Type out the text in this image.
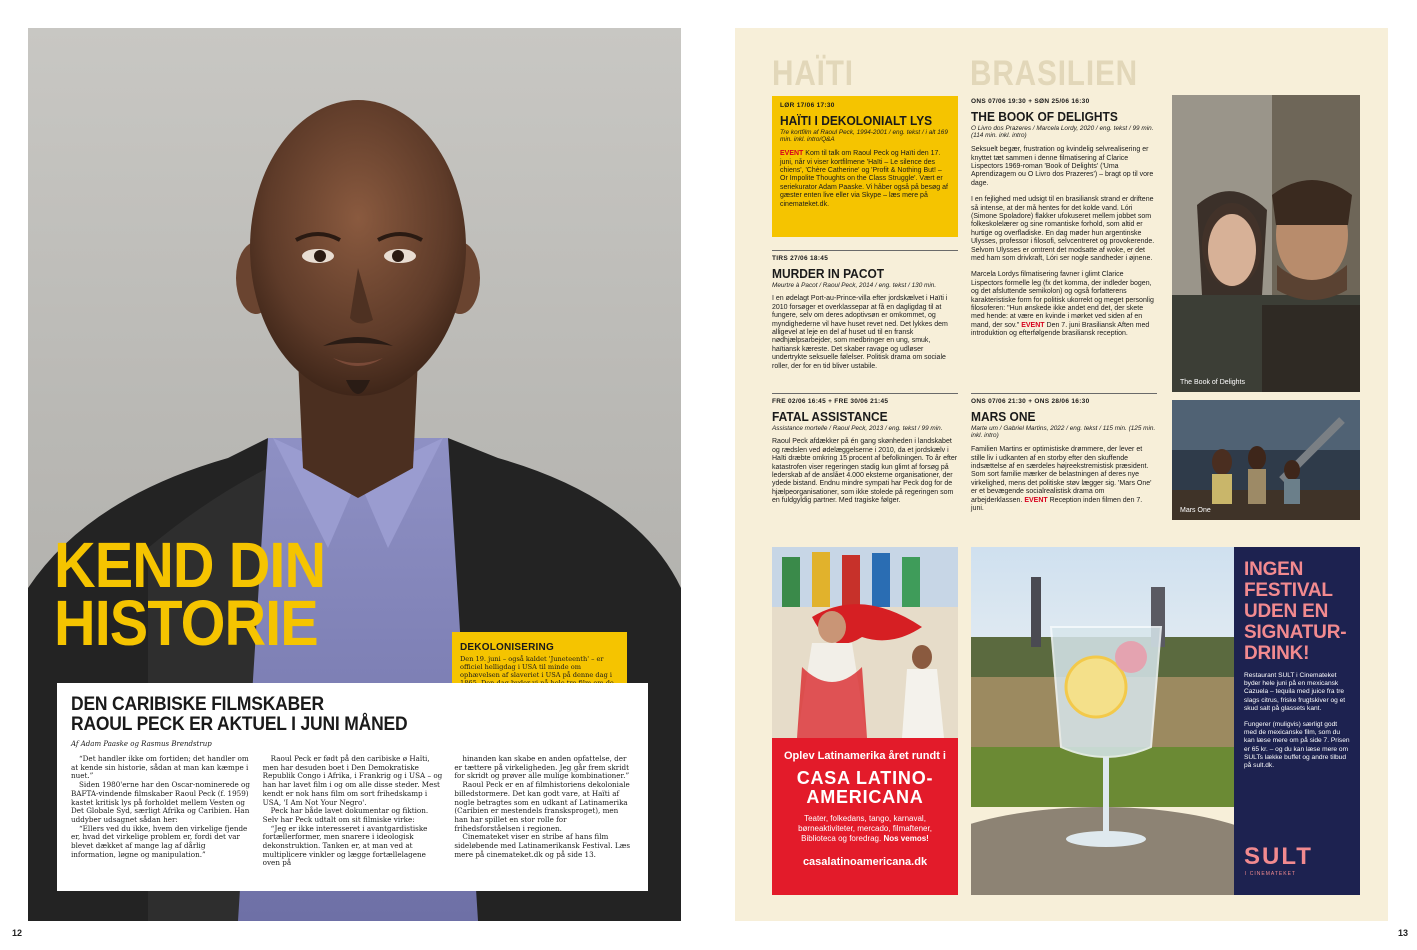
KEND DIN
HISTORIE	DEKOLONISERING
Den 19. juni – også kaldet 'Juneteenth' – er officiel helligdag i USA til minde om ophævelsen af slaveriet i USA på denne dag i
DEN CARIBISKE FILMSKABER
RAOUL PECK ER AKTUEL I JUNI MÅNED
Af Adam Paaske og Rasmus Brendstrup

“Det handler ikke om fortiden; det handler om at kende sin historie, sådan at man kan kæmpe i nuet.”

Siden 1980'erne har den Oscar-nominerede og BAFTA-vindende filmskaber Raoul Peck (f. 1959) kastet kritisk lys på forholdet mellem Vesten og Det Globale Syd, særligt Afrika og Caribien. Han uddyber udsagnet sådan her:

“Ellers ved du ikke, hvem den virkelige fjende er, hvad det virkelige problem er, fordi det var blevet dækket af mange lag af dårlig information, løgne og manipulation.”

Raoul Peck er født på den caribiske ø Haïti, men har desuden boet i Den Demokratiske Republik Congo i Afrika, i Frankrig og i USA – og han har lavet film i og om alle disse steder. Mest kendt er nok hans film om sort frihedskamp i USA, 'I Am Not Your Negro'.

Peck har både lavet dokumentar og fiktion. Selv har Peck udtalt om sit filmiske virke:

“Jeg er ikke interesseret i avantgardistiske fortællerformer, men snarere i ideologisk dekonstruktion. Tanken er, at man ved at multiplicere vinkler og lægge fortællelagene oven på

hinanden kan skabe en anden opfattelse, der er tættere på virkeligheden. Jeg går frem skridt for skridt og prøver alle mulige kombinationer.”

Raoul Peck er en af filmhistoriens dekoloniale billedstormere. Det kan godt vare, at Haïti af nogle betragtes som en udkant af Latinamerika (Caribien er mestendels fransksproget), men han har spillet en stor rolle for frihedsforståelsen i regionen.

Cinemateket viser en stribe af hans film sideløbende med Latinamerikansk Festival. Læs mere på cinemateket.dk og på side 13.

HAÏTI	BRASILIEN
LØR 17/06 17:30
HAÏTI I DEKOLONIALT LYS
Tre kortfilm af Raoul Peck, 1994-2001 / eng. tekst / i alt 169 min. inkl. intro/Q&A
EVENT Kom til talk om Raoul Peck og Haïti den 17. juni, når vi viser kortfilmene 'Haïti – Le silence des chiens', 'Chère Catherine' og 'Profit & Nothing But! – Or Impolite Thoughts on the Class Struggle'. Vært er seriekurator Adam Paaske. Vi håber også på besøg af gæster enten live eller via Skype – læs mere på cinemateket.dk.
TIRS 27/06 18:45
MURDER IN PACOT
Meurtre à Pacot / Raoul Peck, 2014 / eng. tekst / 130 min.
I en ødelagt Port-au-Prince-villa efter jordskælvet i Haïti i 2010 forsøger et overklassepar at få en dagligdag til at fungere, selv om deres adoptivsøn er omkommet, og myndighederne vil have huset revet ned. Det lykkes dem alligevel at leje en del af huset ud til en fransk nødhjælpsarbejder, som medbringer en ung, smuk, haïtiansk kæreste. Det skaber ravage og udløser undertrykte seksuelle følelser. Politisk drama om sociale roller, der for en tid bliver ustabile.
FRE 02/06 16:45 + FRE 30/06 21:45
FATAL ASSISTANCE
Assistance mortelle / Raoul Peck, 2013 / eng. tekst / 99 min.
Raoul Peck afdækker på én gang skønheden i landskabet og rædslen ved ødelæggelserne i 2010, da et jordskælv i Haïti dræbte omkring 15 procent af befolkningen. To år efter katastrofen viser regeringen stadig kun glimt af forsøg på lederskab af de anslået 4.000 eksterne organisationer, der ydede bistand. Endnu mindre sympati har Peck dog for de hjælpeorganisationer, som ikke stolede på regeringen som en fuldgyldig partner. Med tragiske følger.
ONS 07/06 19:30 + SØN 25/06 16:30
THE BOOK OF DELIGHTS
O Livro dos Prazeres / Marcela Lordy, 2020 / eng. tekst / 99 min. (114 min. inkl. intro)
Seksuelt begær, frustration og kvindelig selvrealisering er knyttet tæt sammen i denne filmatisering af Clarice Lispectors 1969-roman 'Book of Delights' ('Uma Aprendizagem ou O Livro dos Prazeres') – bragt op til vore dage.
I en fejlighed med udsigt til en brasiliansk strand er driftene så intense, at der må hentes for det kolde vand. Lóri (Simone Spoladore) flakker ufokuseret mellem jobbet som folkeskolelærer og sine romantiske forhold, som altid er hurtige og overfladiske. En dag møder hun argentinske Ulysses, professor i filosofi, selvcentreret og provokerende. Selvom Ulysses er omtrent det modsatte af woke, er det med ham som drivkraft, Lóri ser nogle sandheder i øjnene.
Marcela Lordys filmatisering favner i glimt Clarice Lispectors formelle leg (fx det komma, der indleder bogen, og det afsluttende semikolon) og også forfatterens karakteristiske form for politisk ukorrekt og meget personlig filosoferen: "Hun ønskede ikke andet end det, der skete med hende: at være en kvinde i mørket ved siden af en mand, der sov." EVENT Den 7. juni Brasiliansk Aften med introduktion og efterfølgende brasiliansk reception.
ONS 07/06 21:30 + ONS 28/06 16:30
MARS ONE
Marte um / Gabriel Martins, 2022 / eng. tekst / 115 min. (125 min. inkl. intro)
Familien Martins er optimistiske drømmere, der lever et stille liv i udkanten af en storby efter den skuffende indsættelse af en særdeles højreekstremistisk præsident. Som sort familie mærker de belastningen af deres nye virkelighed, mens det politiske støv lægger sig. 'Mars One' er et bevægende socialrealistisk drama om arbejderklassen. EVENT Reception inden filmen den 7. juni.
The Book of Delights
Mars One
Oplev Latinamerika året rundt i
CASA LATINO-AMERICANA
Teater, folkedans, tango, karnaval, børneaktiviteter, mercado, filmaftener, Biblioteca og foredrag. Nos vemos!
casalatinoamericana.dk
INGEN FESTIVAL UDEN EN SIGNATUR-DRINK!
Restaurant SULT i Cinemateket byder hele juni på en mexicansk Cazuela – tequila med juice fra tre slags citrus, friske frugtskiver og et skud salt på glassets kant.
Fungerer (muligvis) særligt godt med de mexicanske film, som du kan læse mere om på side 7. Prisen er 65 kr. – og du kan læse mere om SULTs lække buffet og andre tilbud på sult.dk.
SULT
I CINEMATEKET
12	13
